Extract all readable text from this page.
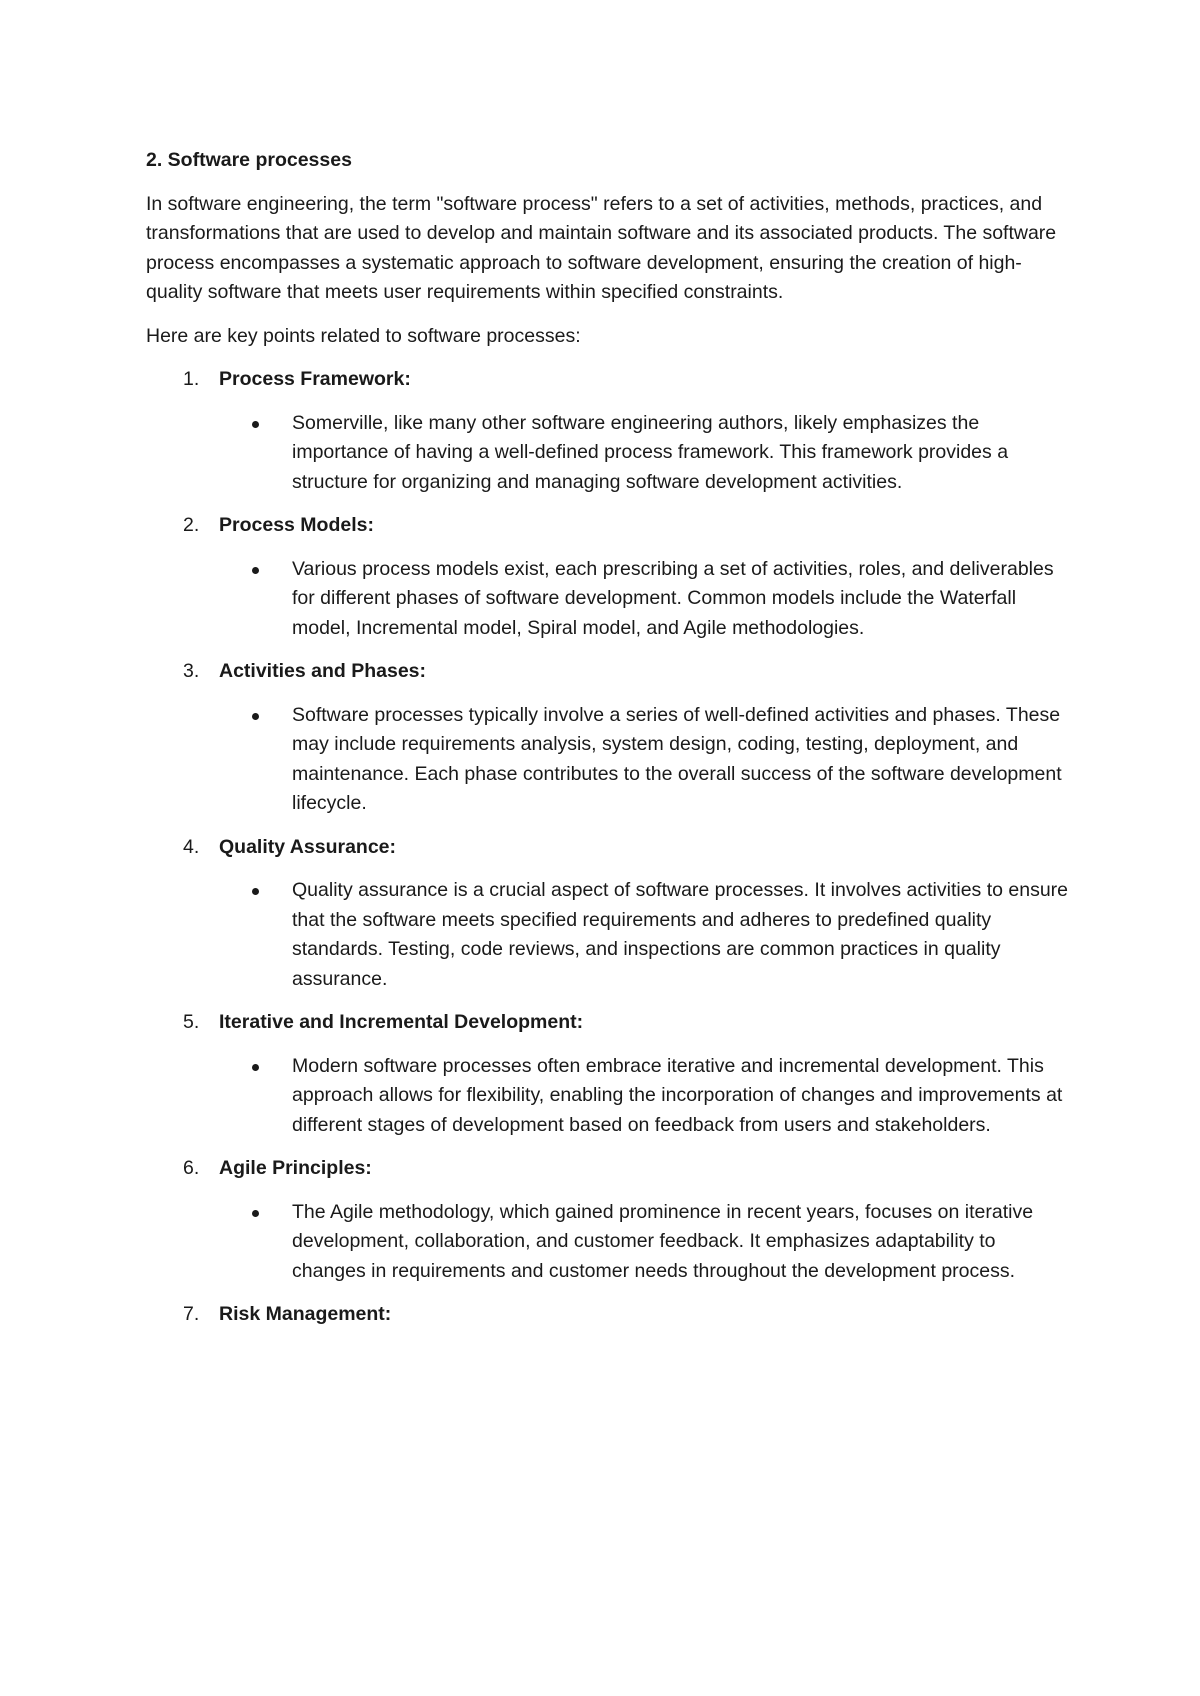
2. Software processes
In software engineering, the term "software process" refers to a set of activities, methods, practices, and transformations that are used to develop and maintain software and its associated products. The software process encompasses a systematic approach to software development, ensuring the creation of high-quality software that meets user requirements within specified constraints.
Here are key points related to software processes:
1. Process Framework:
Somerville, like many other software engineering authors, likely emphasizes the importance of having a well-defined process framework. This framework provides a structure for organizing and managing software development activities.
2. Process Models:
Various process models exist, each prescribing a set of activities, roles, and deliverables for different phases of software development. Common models include the Waterfall model, Incremental model, Spiral model, and Agile methodologies.
3. Activities and Phases:
Software processes typically involve a series of well-defined activities and phases. These may include requirements analysis, system design, coding, testing, deployment, and maintenance. Each phase contributes to the overall success of the software development lifecycle.
4. Quality Assurance:
Quality assurance is a crucial aspect of software processes. It involves activities to ensure that the software meets specified requirements and adheres to predefined quality standards. Testing, code reviews, and inspections are common practices in quality assurance.
5. Iterative and Incremental Development:
Modern software processes often embrace iterative and incremental development. This approach allows for flexibility, enabling the incorporation of changes and improvements at different stages of development based on feedback from users and stakeholders.
6. Agile Principles:
The Agile methodology, which gained prominence in recent years, focuses on iterative development, collaboration, and customer feedback. It emphasizes adaptability to changes in requirements and customer needs throughout the development process.
7. Risk Management:
